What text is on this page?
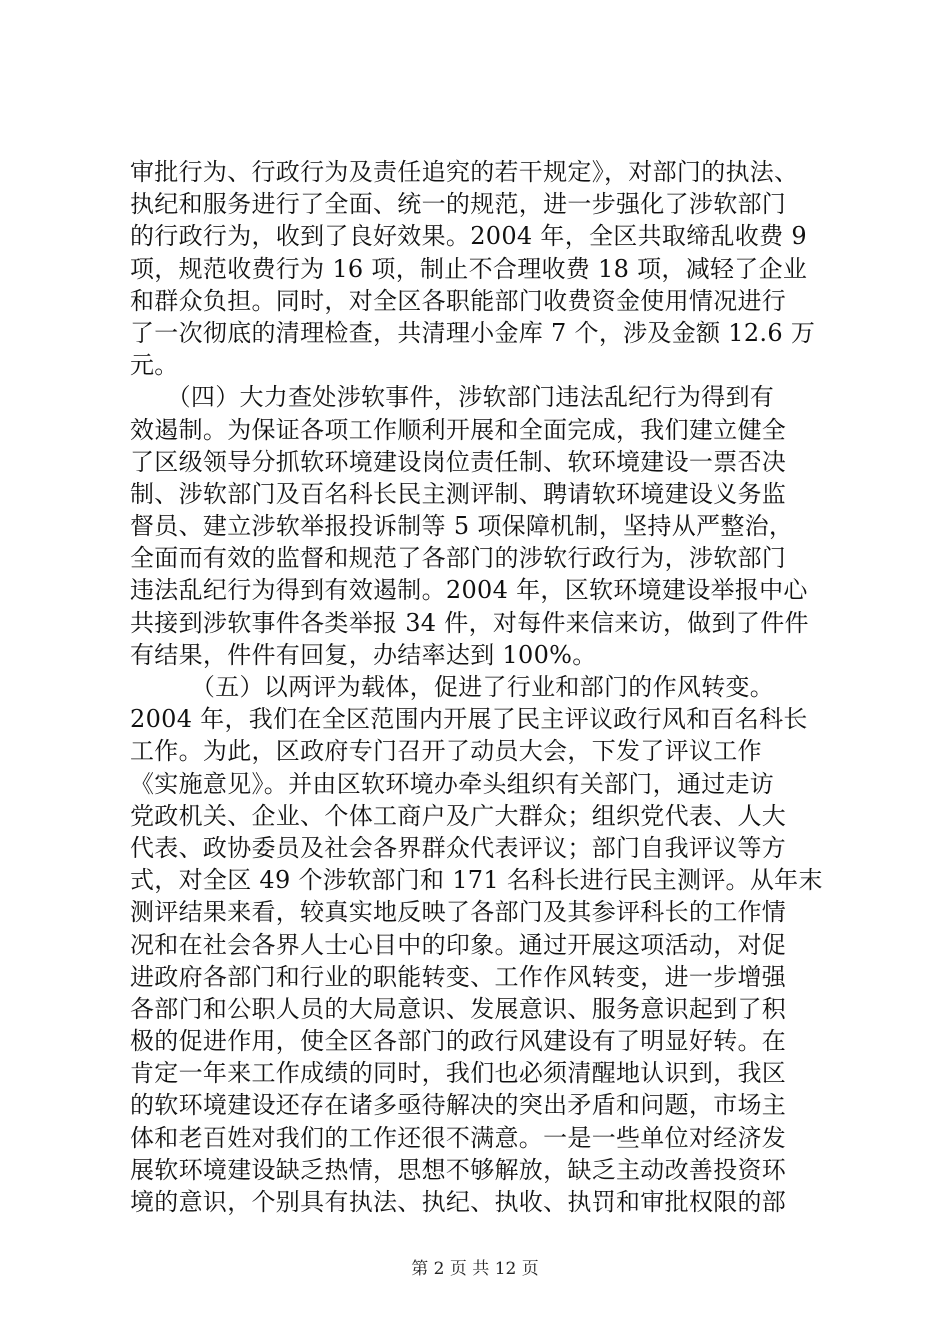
审批行为、行政行为及责任追究的若干规定》，对部门的执法、
执纪和服务进行了全面、统一的规范，进一步强化了涉软部门
的行政行为，收到了良好效果。2004 年，全区共取缔乱收费 9
项，规范收费行为 16 项，制止不合理收费 18 项，减轻了企业
和群众负担。同时，对全区各职能部门收费资金使用情况进行
了一次彻底的清理检查，共清理小金库 7 个，涉及金额 12.6 万
元。
　　（四）大力查处涉软事件，涉软部门违法乱纪行为得到有
效遏制。为保证各项工作顺利开展和全面完成，我们建立健全
了区级领导分抓软环境建设岗位责任制、软环境建设一票否决
制、涉软部门及百名科长民主测评制、聘请软环境建设义务监
督员、建立涉软举报投诉制等 5 项保障机制，坚持从严整治，
全面而有效的监督和规范了各部门的涉软行政行为，涉软部门
违法乱纪行为得到有效遏制。2004 年，区软环境建设举报中心
共接到涉软事件各类举报 34 件，对每件来信来访，做到了件件
有结果，件件有回复，办结率达到 100%。
　　　（五）以两评为载体，促进了行业和部门的作风转变。
2004 年，我们在全区范围内开展了民主评议政行风和百名科长
工作。为此，区政府专门召开了动员大会，下发了评议工作
《实施意见》。并由区软环境办牵头组织有关部门，通过走访
党政机关、企业、个体工商户及广大群众；组织党代表、人大
代表、政协委员及社会各界群众代表评议；部门自我评议等方
式，对全区 49 个涉软部门和 171 名科长进行民主测评。从年末
测评结果来看，较真实地反映了各部门及其参评科长的工作情
况和在社会各界人士心目中的印象。通过开展这项活动，对促
进政府各部门和行业的职能转变、工作作风转变，进一步增强
各部门和公职人员的大局意识、发展意识、服务意识起到了积
极的促进作用，使全区各部门的政行风建设有了明显好转。在
肯定一年来工作成绩的同时，我们也必须清醒地认识到，我区
的软环境建设还存在诸多亟待解决的突出矛盾和问题，市场主
体和老百姓对我们的工作还很不满意。一是一些单位对经济发
展软环境建设缺乏热情，思想不够解放，缺乏主动改善投资环
境的意识，个别具有执法、执纪、执收、执罚和审批权限的部
第 2 页 共 12 页
